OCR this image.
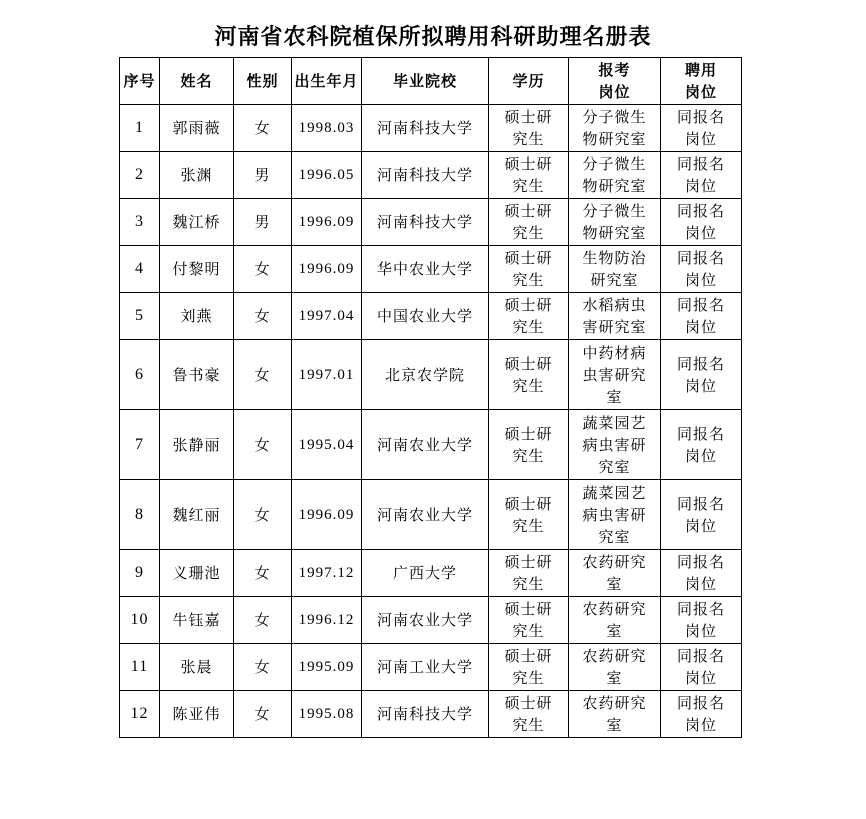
河南省农科院植保所拟聘用科研助理名册表
序号	姓名	性别	出生年月	毕业院校	学历	报考岗位	聘用岗位
1	郭雨薇	女	1998.03	河南科技大学	硕士研究生	分子微生物研究室	同报名岗位
2	张渊	男	1996.05	河南科技大学	硕士研究生	分子微生物研究室	同报名岗位
3	魏江桥	男	1996.09	河南科技大学	硕士研究生	分子微生物研究室	同报名岗位
4	付黎明	女	1996.09	华中农业大学	硕士研究生	生物防治研究室	同报名岗位
5	刘燕	女	1997.04	中国农业大学	硕士研究生	水稻病虫害研究室	同报名岗位
6	鲁书豪	女	1997.01	北京农学院	硕士研究生	中药材病虫害研究室	同报名岗位
7	张静丽	女	1995.04	河南农业大学	硕士研究生	蔬菜园艺病虫害研究室	同报名岗位
8	魏红丽	女	1996.09	河南农业大学	硕士研究生	蔬菜园艺病虫害研究室	同报名岗位
9	义珊池	女	1997.12	广西大学	硕士研究生	农药研究室	同报名岗位
10	牛钰嘉	女	1996.12	河南农业大学	硕士研究生	农药研究室	同报名岗位
11	张晨	女	1995.09	河南工业大学	硕士研究生	农药研究室	同报名岗位
12	陈亚伟	女	1995.08	河南科技大学	硕士研究生	农药研究室	同报名岗位
